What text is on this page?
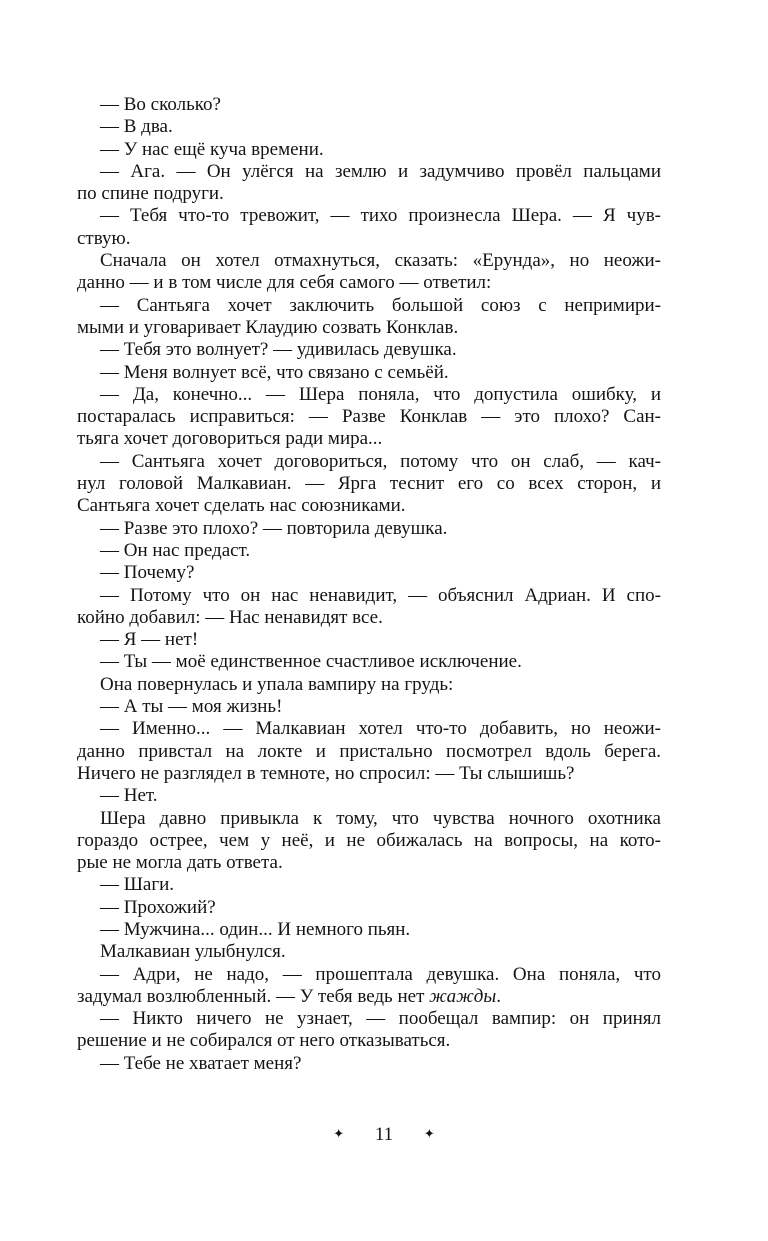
— Во сколько?
— В два.
— У нас ещё куча времени.
— Ага. — Он улёгся на землю и задумчиво провёл пальцами
по спине подруги.
— Тебя что-то тревожит, — тихо произнесла Шера. — Я чув-
ствую.
Сначала он хотел отмахнуться, сказать: «Ерунда», но неожи-
данно — и в том числе для себя самого — ответил:
— Сантьяга хочет заключить большой союз с непримири-
мыми и уговаривает Клаудию созвать Конклав.
— Тебя это волнует? — удивилась девушка.
— Меня волнует всё, что связано с семьёй.
— Да, конечно... — Шера поняла, что допустила ошибку, и
постаралась исправиться: — Разве Конклав — это плохо? Сан-
тьяга хочет договориться ради мира...
— Сантьяга хочет договориться, потому что он слаб, — кач-
нул головой Малкавиан. — Ярга теснит его со всех сторон, и
Сантьяга хочет сделать нас союзниками.
— Разве это плохо? — повторила девушка.
— Он нас предаст.
— Почему?
— Потому что он нас ненавидит, — объяснил Адриан. И спо-
койно добавил: — Нас ненавидят все.
— Я — нет!
— Ты — моё единственное счастливое исключение.
Она повернулась и упала вампиру на грудь:
— А ты — моя жизнь!
— Именно... — Малкавиан хотел что-то добавить, но неожи-
данно привстал на локте и пристально посмотрел вдоль берега.
Ничего не разглядел в темноте, но спросил: — Ты слышишь?
— Нет.
Шера давно привыкла к тому, что чувства ночного охотника
гораздо острее, чем у неё, и не обижалась на вопросы, на кото-
рые не могла дать ответа.
— Шаги.
— Прохожий?
— Мужчина... один... И немного пьян.
Малкавиан улыбнулся.
— Адри, не надо, — прошептала девушка. Она поняла, что
задумал возлюбленный. — У тебя ведь нет жажды.
— Никто ничего не узнает, — пообещал вампир: он принял
решение и не собирался от него отказываться.
— Тебе не хватает меня?
✦ 11 ✦
